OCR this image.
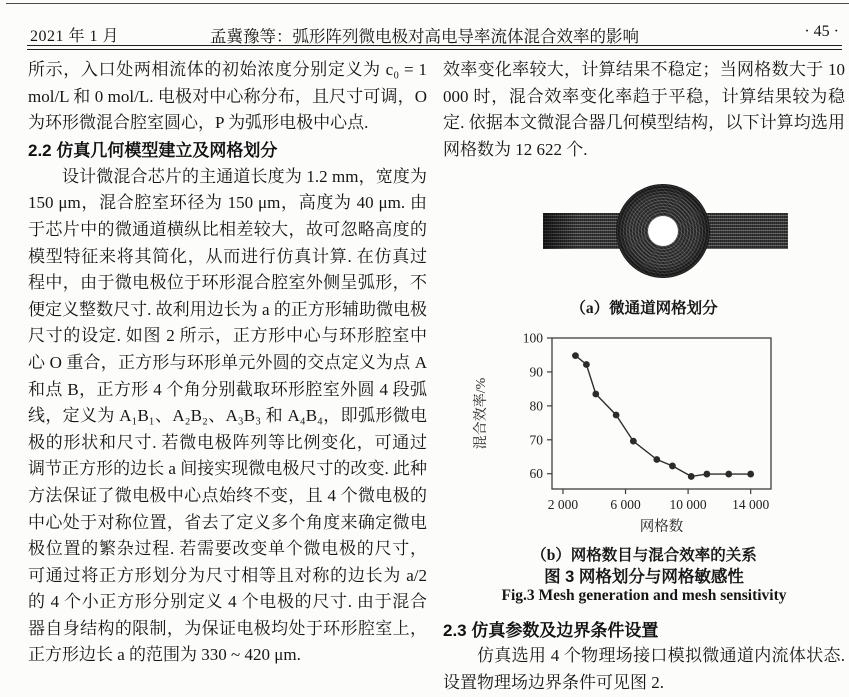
2021 年 1 月	孟冀豫等：弧形阵列微电极对高电导率流体混合效率的影响	· 45 ·

所示，入口处两相流体的初始浓度分别定义为 c₀ = 1 mol/L 和 0 mol/L. 电极对中心称分布，且尺寸可调，O 为环形微混合腔室圆心，P 为弧形电极中心点.

2.2 仿真几何模型建立及网格划分

设计微混合芯片的主通道长度为 1.2 mm，宽度为 150 μm，混合腔室环径为 150 μm，高度为 40 μm. 由于芯片中的微通道横纵比相差较大，故可忽略高度的模型特征来将其简化，从而进行仿真计算. 在仿真过程中，由于微电极位于环形混合腔室外侧呈弧形，不便定义整数尺寸. 故利用边长为 a 的正方形辅助微电极尺寸的设定. 如图 2 所示，正方形中心与环形腔室中心 O 重合，正方形与环形单元外圆的交点定义为点 A 和点 B，正方形 4 个角分别截取环形腔室外圆 4 段弧线，定义为 A₁B₁、A₂B₂、A₃B₃ 和 A₄B₄，即弧形微电极的形状和尺寸. 若微电极阵列等比例变化，可通过调节正方形的边长 a 间接实现微电极尺寸的改变. 此种方法保证了微电极中心点始终不变，且 4 个微电极的中心处于对称位置，省去了定义多个角度来确定微电极位置的繁杂过程. 若需要改变单个微电极的尺寸，可通过将正方形划分为尺寸相等且对称的边长为 a/2 的 4 个小正方形分别定义 4 个电极的尺寸. 由于混合器自身结构的限制，为保证电极均处于环形腔室上，正方形边长 a 的范围为 330 ~ 420 μm.

效率变化率较大，计算结果不稳定；当网格数大于 10 000 时，混合效率变化率趋于平稳，计算结果较为稳定. 依据本文微混合器几何模型结构，以下计算均选用网格数为 12 622 个.

（a）微通道网格划分
2 000 6 000 10 000 14 000
60
70
80
90
100
网格数
混合效率/%
（b）网格数目与混合效率的关系
图 3 网格划分与网格敏感性
Fig.3 Mesh generation and mesh sensitivity

2.3 仿真参数及边界条件设置

仿真选用 4 个物理场接口模拟微通道内流体状态. 设置物理场边界条件可见图 2.
